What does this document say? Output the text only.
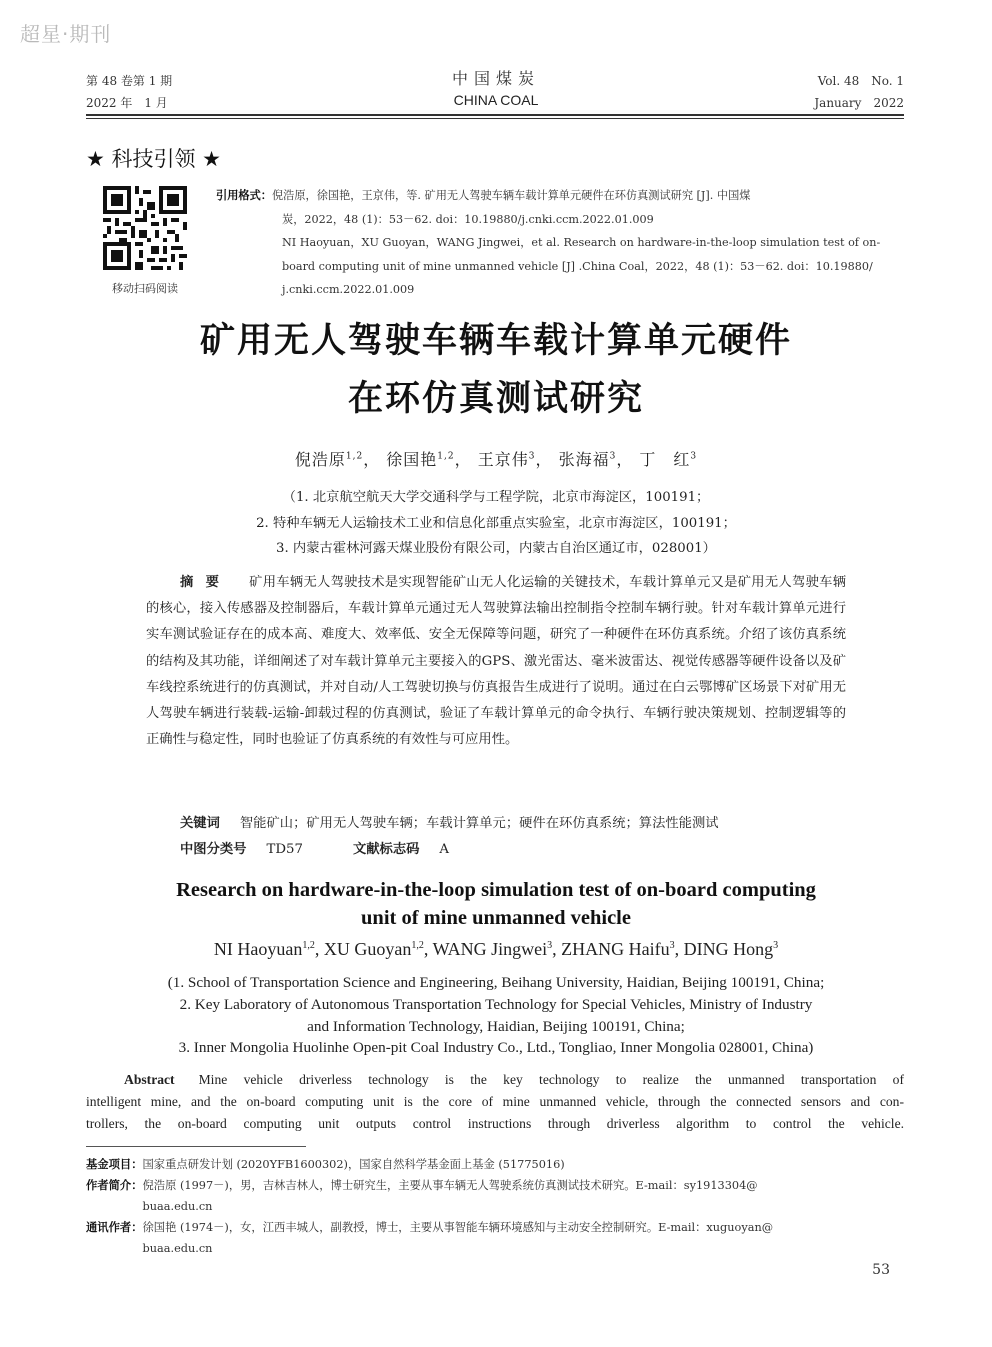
超星·期刊
第 48 卷第 1 期
2022 年　1 月
中国煤炭
CHINA COAL
Vol. 48　No. 1
January　2022
★ 科技引领 ★
移动扫码阅读
引用格式：倪浩原，徐国艳，王京伟，等. 矿用无人驾驶车辆车载计算单元硬件在环仿真测试研究 [J]. 中国煤
炭，2022，48 (1)：53－62. doi：10.19880/j.cnki.ccm.2022.01.009
NI Haoyuan，XU Guoyan，WANG Jingwei，et al. Research on hardware-in-the-loop simulation test of on-
board computing unit of mine unmanned vehicle [J] .China Coal，2022，48 (1)：53－62. doi：10.19880/
j.cnki.ccm.2022.01.009
矿用无人驾驶车辆车载计算单元硬件
在环仿真测试研究
倪浩原$^{1,2}$， 徐国艳$^{1,2}$， 王京伟$^3$， 张海福$^3$， 丁　红$^3$
（1. 北京航空航天大学交通科学与工程学院，北京市海淀区，100191；
2. 特种车辆无人运输技术工业和信息化部重点实验室，北京市海淀区，100191；
3. 内蒙古霍林河露天煤业股份有限公司，内蒙古自治区通辽市，028001）
摘要 矿用车辆无人驾驶技术是实现智能矿山无人化运输的关键技术，车载计算单元又是矿用无人驾驶车辆的核心，接入传感器及控制器后，车载计算单元通过无人驾驶算法输出控制指令控制车辆行驶。针对车载计算单元进行实车测试验证存在的成本高、难度大、效率低、安全无保障等问题，研究了一种硬件在环仿真系统。介绍了该仿真系统的结构及其功能，详细阐述了对车载计算单元主要接入的GPS、激光雷达、毫米波雷达、视觉传感器等硬件设备以及矿车线控系统进行的仿真测试，并对自动/人工驾驶切换与仿真报告生成进行了说明。通过在白云鄂博矿区场景下对矿用无人驾驶车辆进行装载-运输-卸载过程的仿真测试，验证了车载计算单元的命令执行、车辆行驶决策规划、控制逻辑等的正确性与稳定性，同时也验证了仿真系统的有效性与可应用性。
关键词 智能矿山；矿用无人驾驶车辆；车载计算单元；硬件在环仿真系统；算法性能测试
中图分类号 TD57	文献标志码 A
Research on hardware-in-the-loop simulation test of on-board computing
unit of mine unmanned vehicle
NI Haoyuan$^{1,2}$, XU Guoyan$^{1,2}$, WANG Jingwei$^3$, ZHANG Haifu$^3$, DING Hong$^3$
(1. School of Transportation Science and Engineering, Beihang University, Haidian, Beijing 100191, China;
2. Key Laboratory of Autonomous Transportation Technology for Special Vehicles, Ministry of Industry
and Information Technology, Haidian, Beijing 100191, China;
3. Inner Mongolia Huolinhe Open-pit Coal Industry Co., Ltd., Tongliao, Inner Mongolia 028001, China)
Abstract Mine vehicle driverless technology is the key technology to realize the unmanned transportation of
intelligent mine, and the on-board computing unit is the core of mine unmanned vehicle, through the connected sensors and con-
trollers, the on-board computing unit outputs control instructions through driverless algorithm to control the vehicle.
基金项目： 国家重点研发计划 (2020YFB1600302)，国家自然科学基金面上基金 (51775016)
作者简介： 倪浩原 (1997－)，男，吉林吉林人，博士研究生，主要从事车辆无人驾驶系统仿真测试技术研究。E-mail：sy1913304@
buaa.edu.cn
通讯作者： 徐国艳 (1974－)，女，江西丰城人，副教授，博士，主要从事智能车辆环境感知与主动安全控制研究。E-mail：xuguoyan@
buaa.edu.cn
53
